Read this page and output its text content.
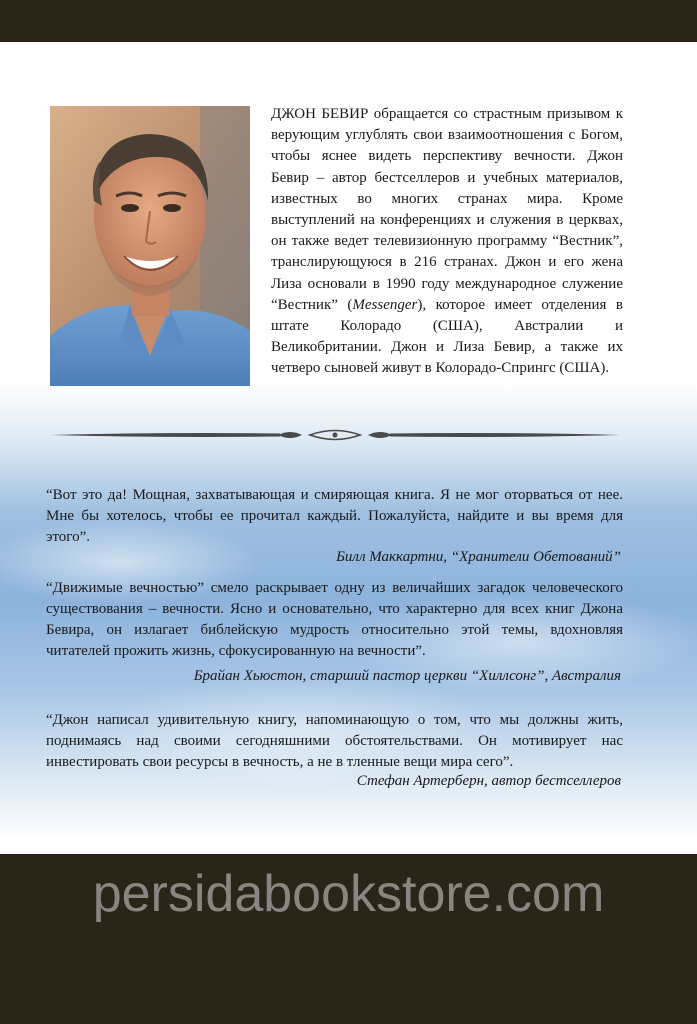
ДЖОН БЕВИР обращается со страстным призывом к верующим углублять свои взаимоотношения с Богом, чтобы яснее видеть перспективу вечности. Джон Бевир – автор бестселлеров и учебных материалов, известных во многих странах мира. Кроме выступлений на конференциях и служения в церквах, он также ведет телевизионную программу “Вестник”, транслирующуюся в 216 странах. Джон и его жена Лиза основали в 1990 году международное служение “Вестник” (Messenger), которое имеет отделения в штате Колорадо (США), Австралии и Великобритании. Джон и Лиза Бевир, а также их четверо сыновей живут в Колорадо-Спрингс (США).

“Вот это да! Мощная, захватывающая и смиряющая книга. Я не мог оторваться от нее. Мне бы хотелось, чтобы ее прочитал каждый. Пожалуйста, найдите и вы время для этого”.

Билл Маккартни, “Хранители Обетований”

“Движимые вечностью” смело раскрывает одну из величайших загадок человеческого существования – вечности. Ясно и основательно, что характерно для всех книг Джона Бевира, он излагает библейскую мудрость относительно этой темы, вдохновляя читателей прожить жизнь, сфокусированную на вечности”.

Брайан Хьюстон, старший пастор церкви “Хиллсонг”, Австралия

“Джон написал удивительную книгу, напоминающую о том, что мы должны жить, поднимаясь над своими сегодняшними обстоятельствами. Он мотивирует нас инвестировать свои ресурсы в вечность, а не в тленные вещи мира сего”.

Стефан Артерберн, автор бестселлеров

persidabookstore.com
